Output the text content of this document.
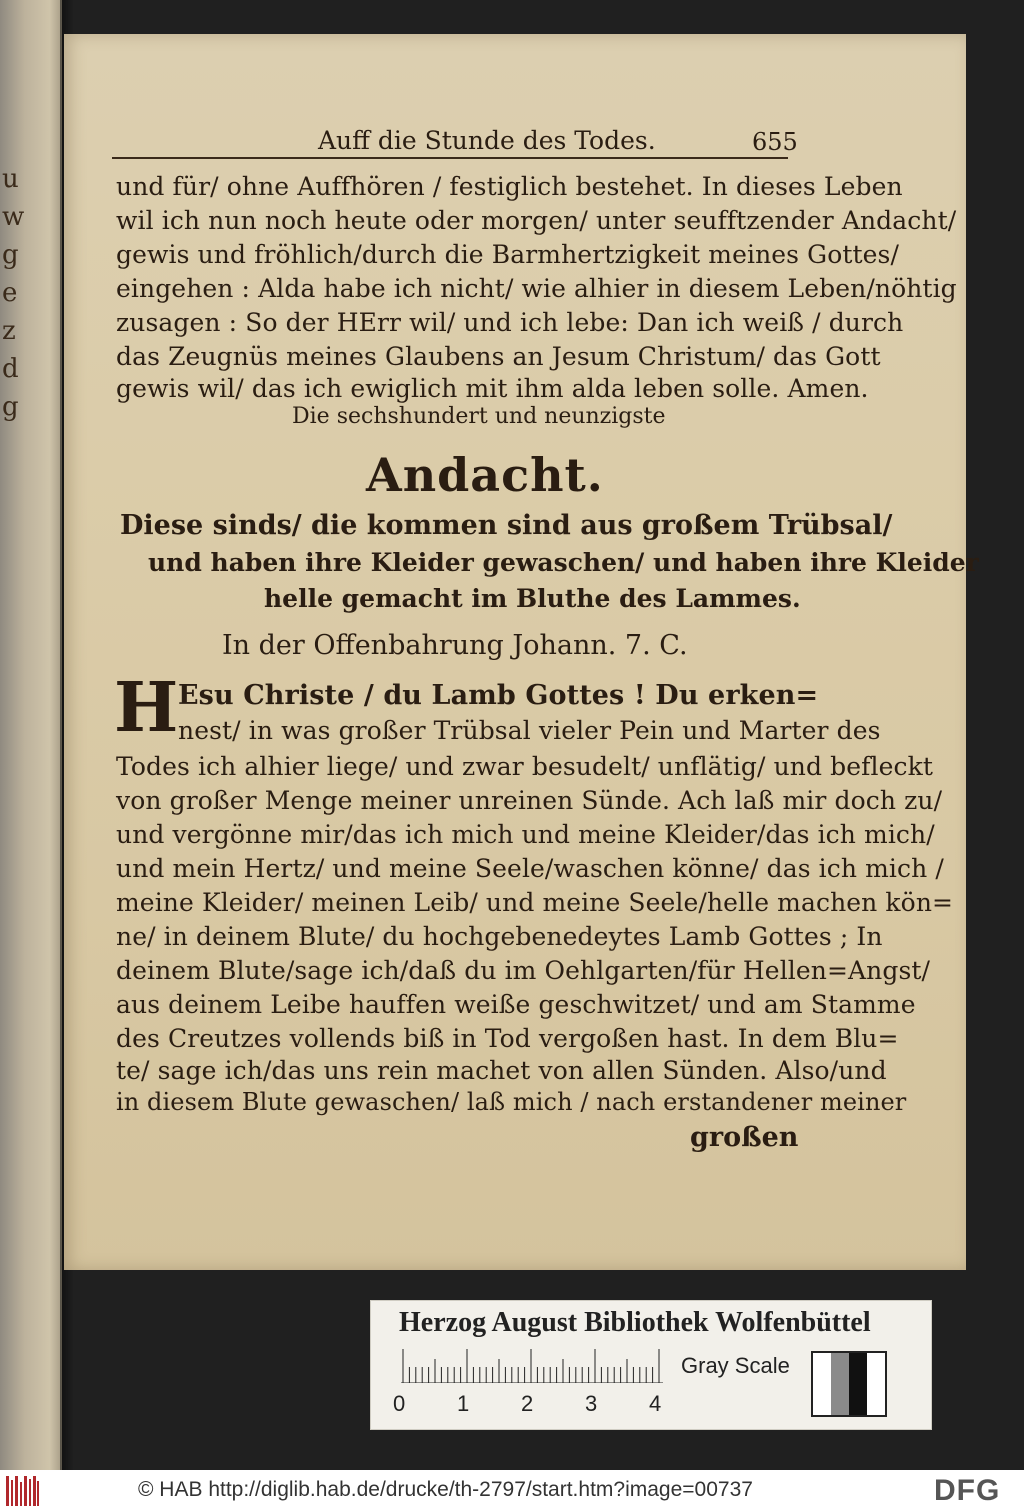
u
w
g
e
z
d
g
Auff die Stunde des Todes.	655
und für/ ohne Auffhören / festiglich bestehet. In dieses Leben
wil ich nun noch heute oder morgen/ unter seufftzender Andacht/
gewis und fröhlich/durch die Barmhertzigkeit meines Gottes/
eingehen : Alda habe ich nicht/ wie alhier in diesem Leben/nöhtig
zusagen : So der HErr wil/ und ich lebe: Dan ich weiß / durch
das Zeugnüs meines Glaubens an Jesum Christum/ das Gott
gewis wil/ das ich ewiglich mit ihm alda leben solle. Amen.
Die sechshundert und neunzigste
Andacht.
Diese sinds/ die kommen sind aus großem Trübsal/
und haben ihre Kleider gewaschen/ und haben ihre Kleider
helle gemacht im Bluthe des Lammes.
In der Offenbahrung Johann. 7. C.
H Esu Christe / du Lamb Gottes ! Du erken=
nest/ in was großer Trübsal vieler Pein und Marter des
Todes ich alhier liege/ und zwar besudelt/ unflätig/ und befleckt
von großer Menge meiner unreinen Sünde. Ach laß mir doch zu/
und vergönne mir/das ich mich und meine Kleider/das ich mich/
und mein Hertz/ und meine Seele/waschen könne/ das ich mich /
meine Kleider/ meinen Leib/ und meine Seele/helle machen kön=
ne/ in deinem Blute/ du hochgebenedeytes Lamb Gottes ; In
deinem Blute/sage ich/daß du im Oehlgarten/für Hellen=Angst/
aus deinem Leibe hauffen weiße geschwitzet/ und am Stamme
des Creutzes vollends biß in Tod vergoßen hast. In dem Blu=
te/ sage ich/das uns rein machet von allen Sünden. Also/und
in diesem Blute gewaschen/ laß mich / nach erstandener meiner
großen
Herzog August Bibliothek Wolfenbüttel
0 1 2 3 4
Gray Scale
© HAB http://diglib.hab.de/drucke/th-2797/start.htm?image=00737	DFG
